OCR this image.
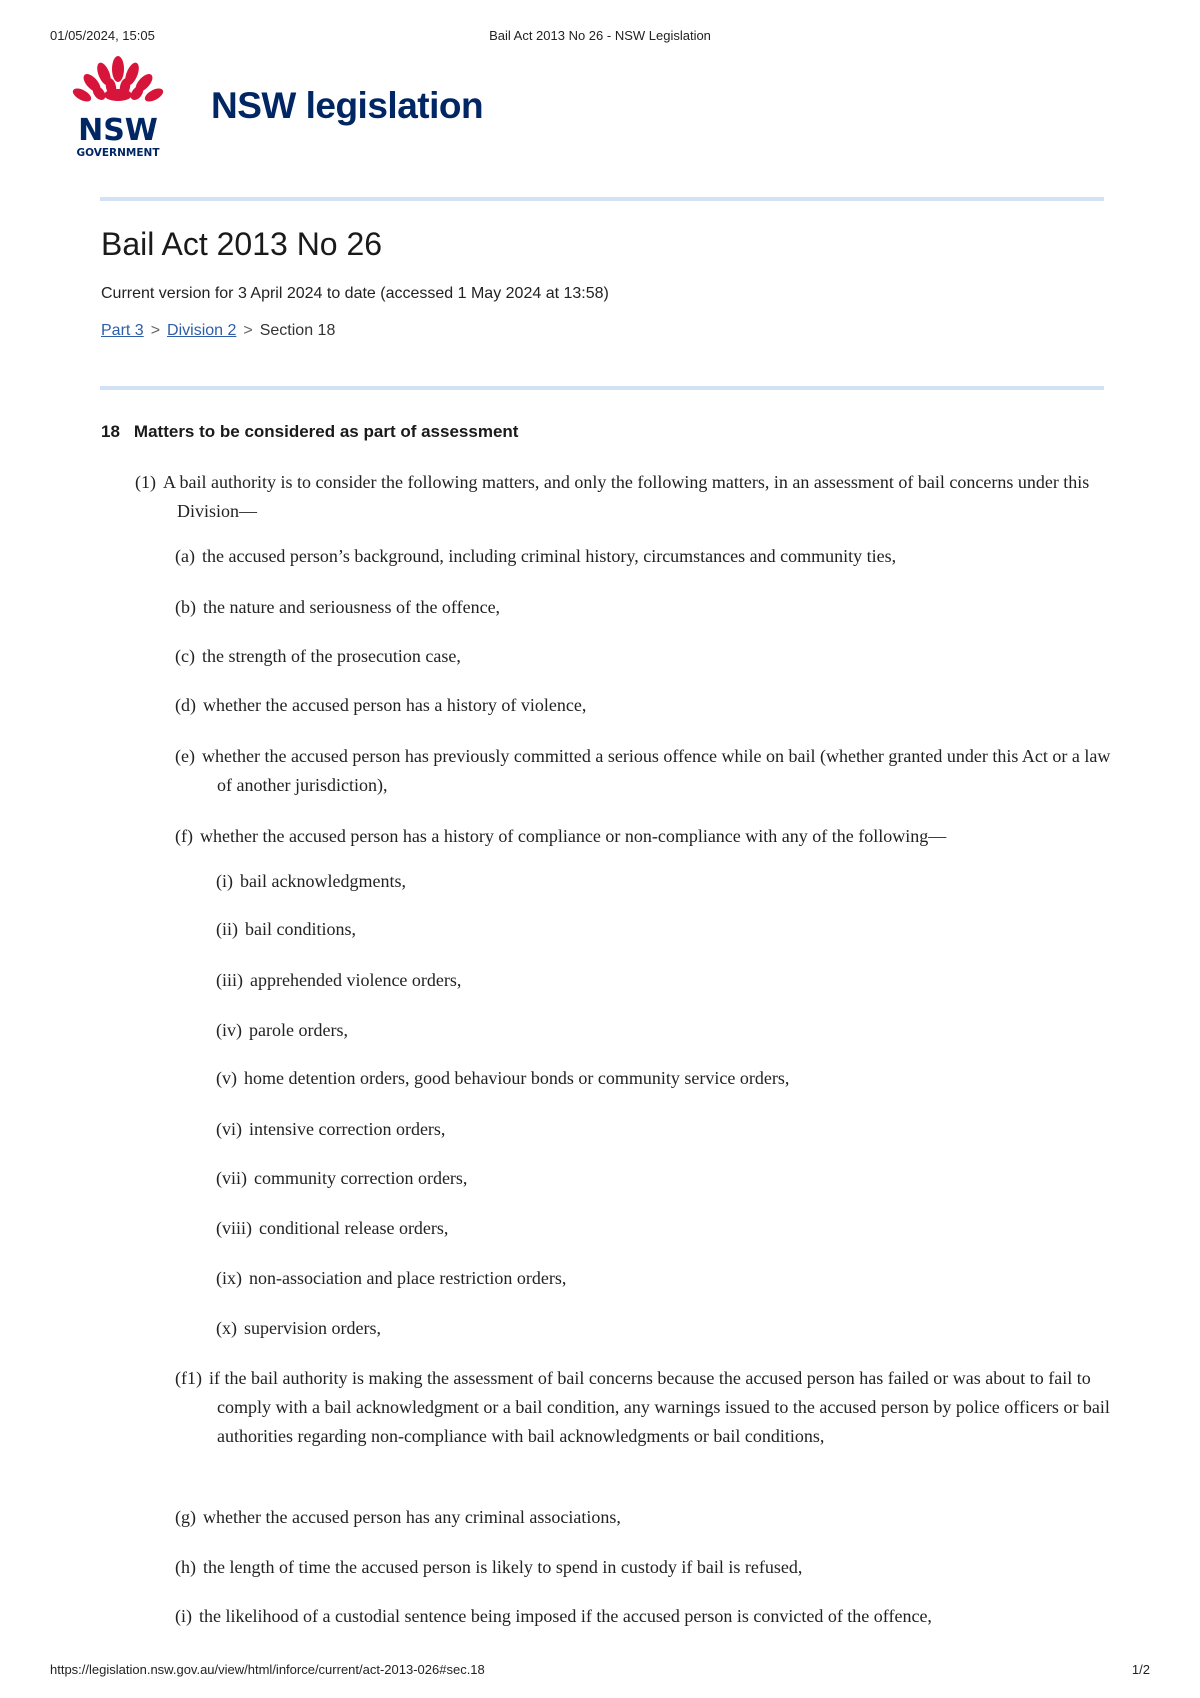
01/05/2024, 15:05	Bail Act 2013 No 26 - NSW Legislation
NSW
GOVERNMENT
NSW legislation
Bail Act 2013 No 26
Current version for 3 April 2024 to date (accessed 1 May 2024 at 13:58)
Part 3 > Division 2 > Section 18
18 Matters to be considered as part of assessment
(1) A bail authority is to consider the following matters, and only the following matters, in an assessment of bail concerns under this Division—
(a) the accused person’s background, including criminal history, circumstances and community ties,
(b) the nature and seriousness of the offence,
(c) the strength of the prosecution case,
(d) whether the accused person has a history of violence,
(e) whether the accused person has previously committed a serious offence while on bail (whether granted under this Act or a law of another jurisdiction),
(f) whether the accused person has a history of compliance or non-compliance with any of the following—
(i) bail acknowledgments,
(ii) bail conditions,
(iii) apprehended violence orders,
(iv) parole orders,
(v) home detention orders, good behaviour bonds or community service orders,
(vi) intensive correction orders,
(vii) community correction orders,
(viii) conditional release orders,
(ix) non-association and place restriction orders,
(x) supervision orders,
(f1) if the bail authority is making the assessment of bail concerns because the accused person has failed or was about to fail to comply with a bail acknowledgment or a bail condition, any warnings issued to the accused person by police officers or bail authorities regarding non-compliance with bail acknowledgments or bail conditions,
(g) whether the accused person has any criminal associations,
(h) the length of time the accused person is likely to spend in custody if bail is refused,
(i) the likelihood of a custodial sentence being imposed if the accused person is convicted of the offence,
https://legislation.nsw.gov.au/view/html/inforce/current/act-2013-026#sec.18	1/2
